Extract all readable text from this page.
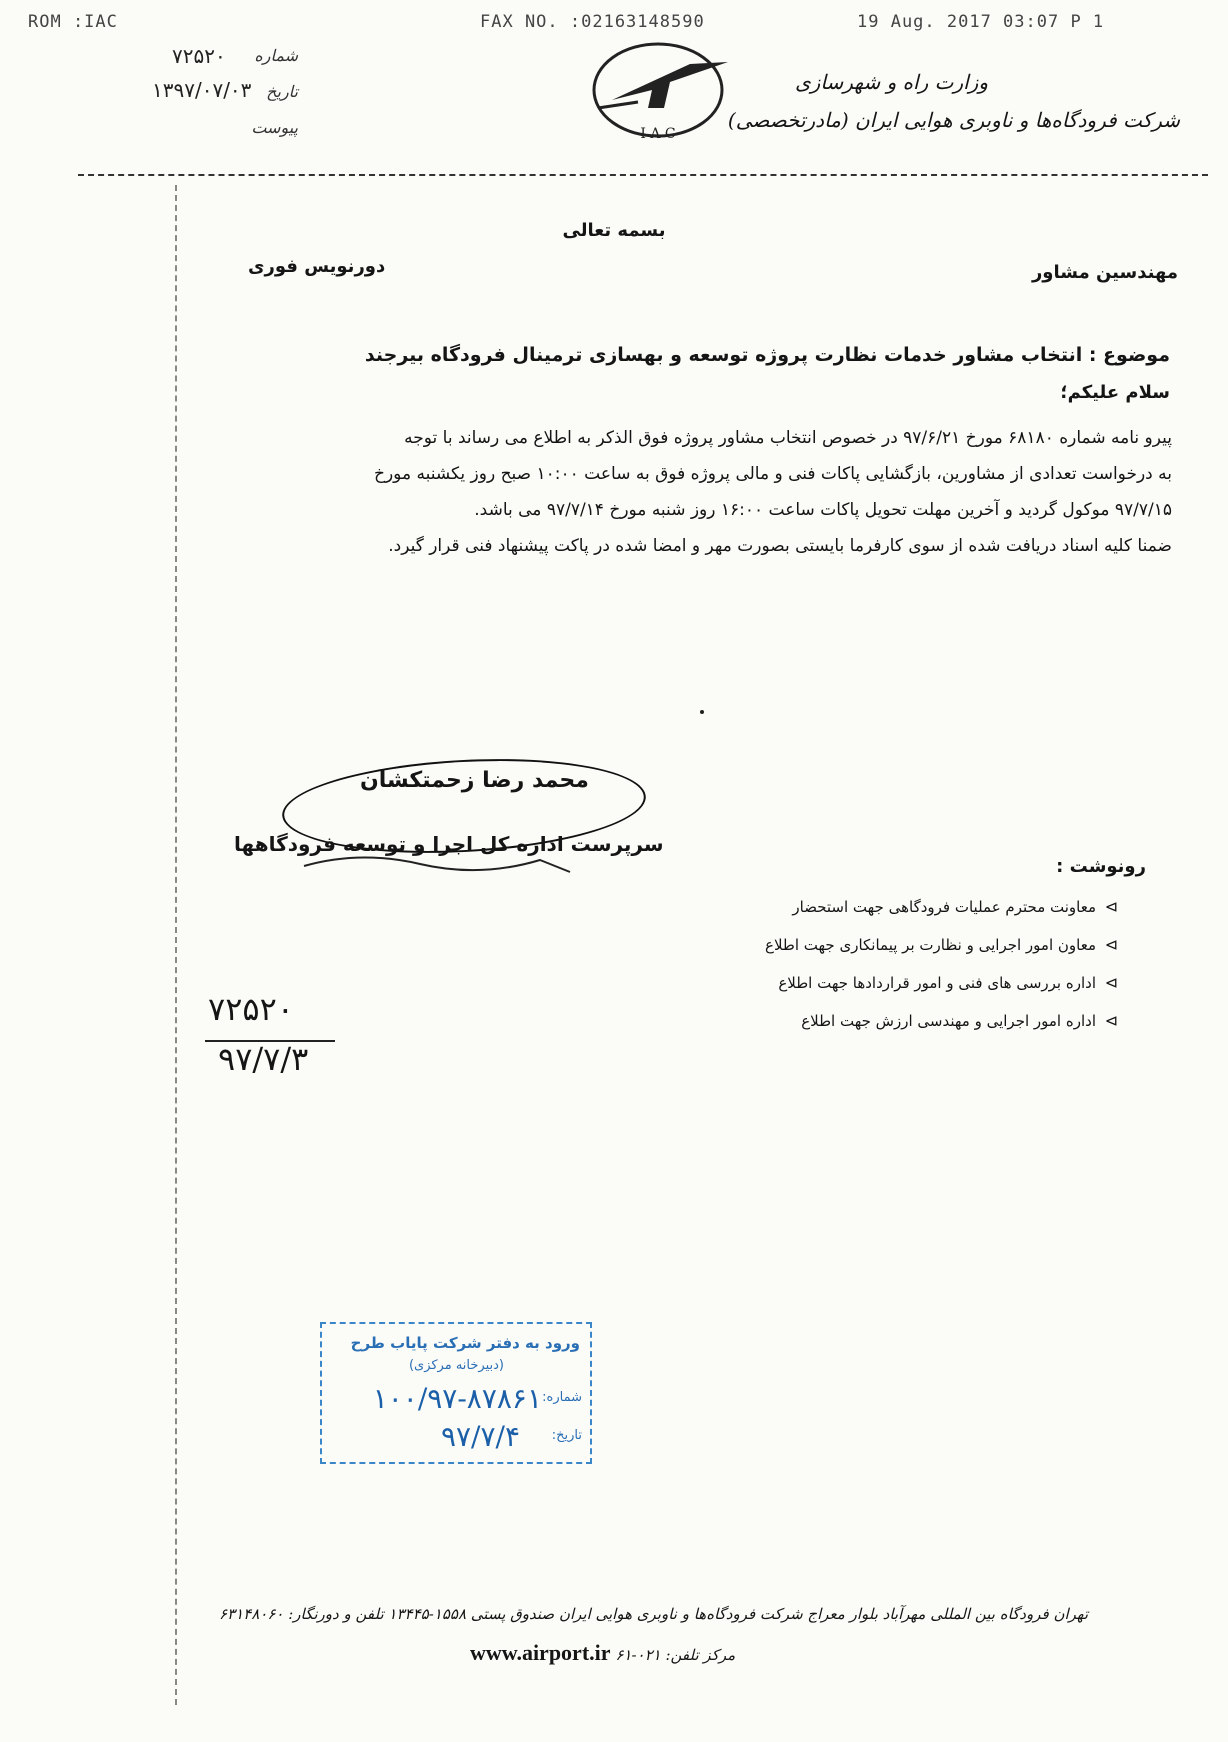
ROM :IAC	FAX NO. :02163148590	19 Aug. 2017 03:07 P 1
I A C
وزارت راه و شهرسازی
شرکت فرودگاه‌ها و ناوبری هوایی ایران (مادرتخصصی)
۷۲۵۲۰ شماره
۱۳۹۷/۰۷/۰۳ تاریخ
پیوست
بسمه تعالی
مهندسین مشاور
دورنویس فوری
موضوع : انتخاب مشاور خدمات نظارت پروژه توسعه و بهسازی ترمینال فرودگاه بیرجند
سلام علیکم؛
پیرو نامه شماره ۶۸۱۸۰ مورخ ۹۷/۶/۲۱ در خصوص انتخاب مشاور پروژه فوق الذکر به اطلاع می رساند با توجه
به درخواست تعدادی از مشاورین، بازگشایی پاکات فنی و مالی پروژه فوق به ساعت ۱۰:۰۰ صبح روز یکشنبه مورخ
۹۷/۷/۱۵ موکول گردید و آخرین مهلت تحویل پاکات ساعت ۱۶:۰۰ روز شنبه مورخ ۹۷/۷/۱۴ می باشد.
ضمنا کلیه اسناد دریافت شده از سوی کارفرما بایستی بصورت مهر و امضا شده در پاکت پیشنهاد فنی قرار گیرد.
محمد رضا زحمتکشان
سرپرست اداره کل اجرا و توسعه فرودگاهها
رونوشت :
⊳
معاونت محترم عملیات فرودگاهی جهت استحضار
⊳
معاون امور اجرایی و نظارت بر پیمانکاری جهت اطلاع
⊳
اداره بررسی های فنی و امور قراردادها جهت اطلاع
⊳
اداره امور اجرایی و مهندسی ارزش جهت اطلاع
۷۲۵۲۰
۹۷/۷/۳
ورود به دفتر شرکت پایاب طرح
(دبیرخانه مرکزی)
شماره:
۱۰۰/۹۷-۸۷۸۶۱
تاریخ:
۹۷/۷/۴
تهران فرودگاه بین المللی مهرآباد بلوار معراج شرکت فرودگاه‌ها و ناوبری هوایی ایران صندوق پستی ۱۵۵۸-۱۳۴۴۵ تلفن و دورنگار: ۶۳۱۴۸۰۶۰
www.airport.ir مرکز تلفن: ۰۲۱-۶۱
